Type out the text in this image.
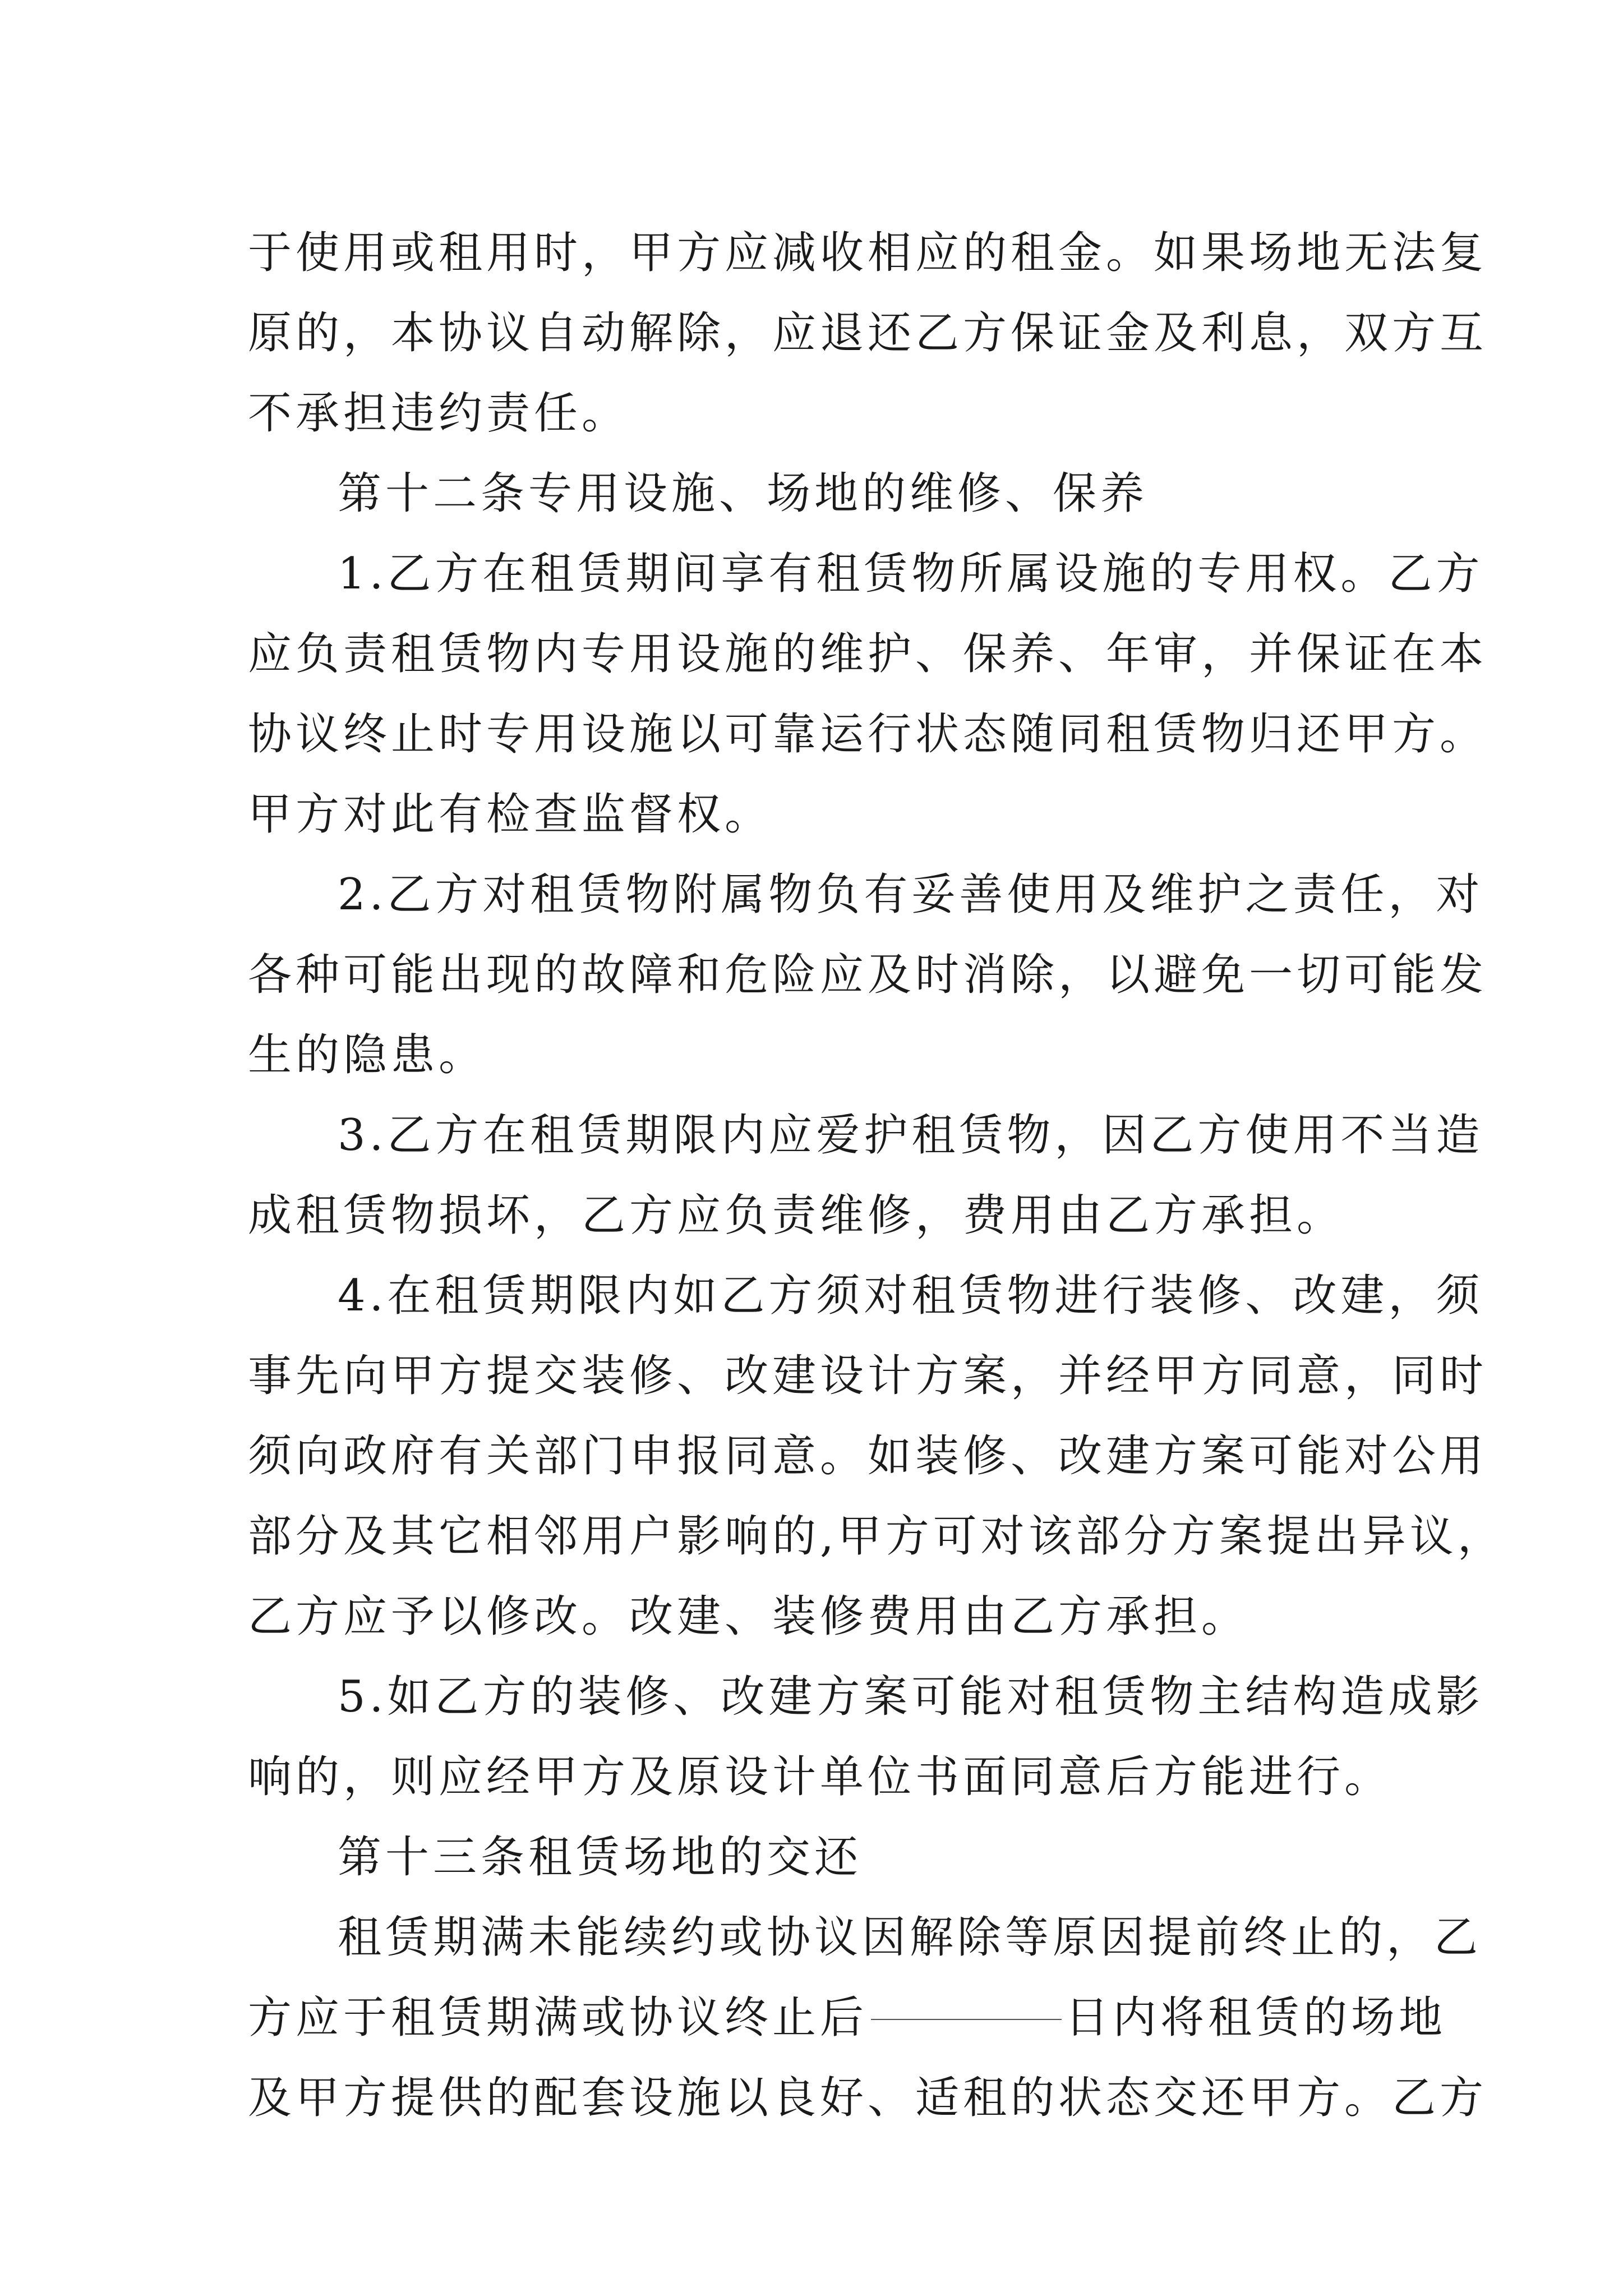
于使用或租用时，甲方应减收相应的租金。如果场地无法复
原的，本协议自动解除，应退还乙方保证金及利息，双方互
不承担违约责任。
第十二条专用设施、场地的维修、保养
1.乙方在租赁期间享有租赁物所属设施的专用权。乙方
应负责租赁物内专用设施的维护、保养、年审，并保证在本
协议终止时专用设施以可靠运行状态随同租赁物归还甲方。
甲方对此有检查监督权。
2.乙方对租赁物附属物负有妥善使用及维护之责任，对
各种可能出现的故障和危险应及时消除，以避免一切可能发
生的隐患。
3.乙方在租赁期限内应爱护租赁物，因乙方使用不当造
成租赁物损坏，乙方应负责维修，费用由乙方承担。
4.在租赁期限内如乙方须对租赁物进行装修、改建，须
事先向甲方提交装修、改建设计方案，并经甲方同意，同时
须向政府有关部门申报同意。如装修、改建方案可能对公用
部分及其它相邻用户影响的,甲方可对该部分方案提出异议，
乙方应予以修改。改建、装修费用由乙方承担。
5.如乙方的装修、改建方案可能对租赁物主结构造成影
响的，则应经甲方及原设计单位书面同意后方能进行。
第十三条租赁场地的交还
租赁期满未能续约或协议因解除等原因提前终止的，乙
方应于租赁期满或协议终止后	日内将租赁的场地
及甲方提供的配套设施以良好、适租的状态交还甲方。乙方
